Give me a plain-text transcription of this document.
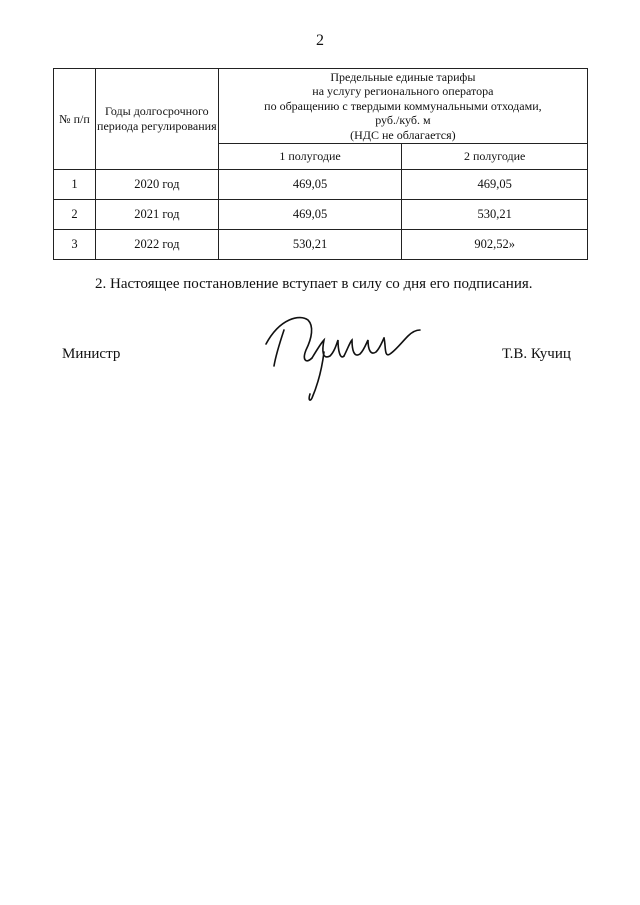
2
№ п/п	Годы долгосрочного периода регулирования	Предельные единые тарифы
на услугу регионального оператора
по обращению с твердыми коммунальными отходами,
руб./куб. м
(НДС не облагается)	

		1 полугодие	2 полугодие
1	2020 год	469,05	469,05
2	2021 год	469,05	530,21
3	2022 год	530,21	902,52»
2. Настоящее постановление вступает в силу со дня его подписания.
Министр	Т.В. Кучиц
